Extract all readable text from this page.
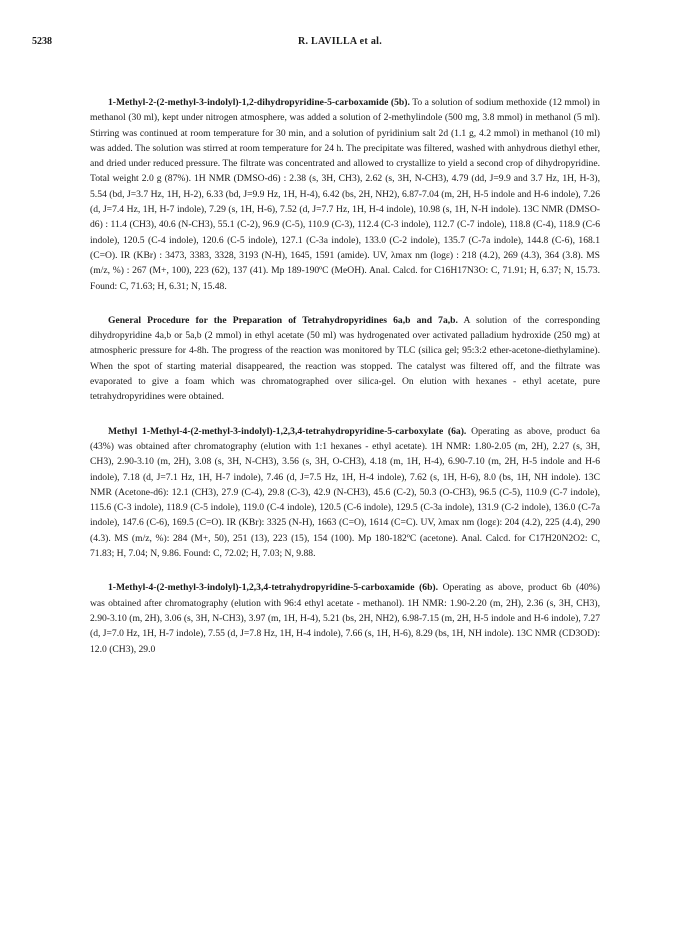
5238	R. LAVILLA et al.

1-Methyl-2-(2-methyl-3-indolyl)-1,2-dihydropyridine-5-carboxamide (5b). To a solution of sodium methoxide (12 mmol) in methanol (30 ml), kept under nitrogen atmosphere, was added a solution of 2-methylindole (500 mg, 3.8 mmol) in methanol (5 ml). Stirring was continued at room temperature for 30 min, and a solution of pyridinium salt 2d (1.1 g, 4.2 mmol) in methanol (10 ml) was added. The solution was stirred at room temperature for 24 h. The precipitate was filtered, washed with anhydrous diethyl ether, and dried under reduced pressure. The filtrate was concentrated and allowed to crystallize to yield a second crop of dihydropyridine. Total weight 2.0 g (87%). 1H NMR (DMSO-d6) : 2.38 (s, 3H, CH3), 2.62 (s, 3H, N-CH3), 4.79 (dd, J=9.9 and 3.7 Hz, 1H, H-3), 5.54 (bd, J=3.7 Hz, 1H, H-2), 6.33 (bd, J=9.9 Hz, 1H, H-4), 6.42 (bs, 2H, NH2), 6.87-7.04 (m, 2H, H-5 indole and H-6 indole), 7.26 (d, J=7.4 Hz, 1H, H-7 indole), 7.29 (s, 1H, H-6), 7.52 (d, J=7.7 Hz, 1H, H-4 indole), 10.98 (s, 1H, N-H indole). 13C NMR (DMSO-d6) : 11.4 (CH3), 40.6 (N-CH3), 55.1 (C-2), 96.9 (C-5), 110.9 (C-3), 112.4 (C-3 indole), 112.7 (C-7 indole), 118.8 (C-4), 118.9 (C-6 indole), 120.5 (C-4 indole), 120.6 (C-5 indole), 127.1 (C-3a indole), 133.0 (C-2 indole), 135.7 (C-7a indole), 144.8 (C-6), 168.1 (C=O). IR (KBr) : 3473, 3383, 3328, 3193 (N-H), 1645, 1591 (amide). UV, λmax nm (logε) : 218 (4.2), 269 (4.3), 364 (3.8). MS (m/z, %) : 267 (M+, 100), 223 (62), 137 (41). Mp 189-190ºC (MeOH). Anal. Calcd. for C16H17N3O: C, 71.91; H, 6.37; N, 15.73. Found: C, 71.63; H, 6.31; N, 15.48.

General Procedure for the Preparation of Tetrahydropyridines 6a,b and 7a,b. A solution of the corresponding dihydropyridine 4a,b or 5a,b (2 mmol) in ethyl acetate (50 ml) was hydrogenated over activated palladium hydroxide (250 mg) at atmospheric pressure for 4-8h. The progress of the reaction was monitored by TLC (silica gel; 95:3:2 ether-acetone-diethylamine). When the spot of starting material disappeared, the reaction was stopped. The catalyst was filtered off, and the filtrate was evaporated to give a foam which was chromatographed over silica-gel. On elution with hexanes - ethyl acetate, pure tetrahydropyridines were obtained.

Methyl 1-Methyl-4-(2-methyl-3-indolyl)-1,2,3,4-tetrahydropyridine-5-carboxylate (6a). Operating as above, product 6a (43%) was obtained after chromatography (elution with 1:1 hexanes - ethyl acetate). 1H NMR: 1.80-2.05 (m, 2H), 2.27 (s, 3H, CH3), 2.90-3.10 (m, 2H), 3.08 (s, 3H, N-CH3), 3.56 (s, 3H, O-CH3), 4.18 (m, 1H, H-4), 6.90-7.10 (m, 2H, H-5 indole and H-6 indole), 7.18 (d, J=7.1 Hz, 1H, H-7 indole), 7.46 (d, J=7.5 Hz, 1H, H-4 indole), 7.62 (s, 1H, H-6), 8.0 (bs, 1H, NH indole). 13C NMR (Acetone-d6): 12.1 (CH3), 27.9 (C-4), 29.8 (C-3), 42.9 (N-CH3), 45.6 (C-2), 50.3 (O-CH3), 96.5 (C-5), 110.9 (C-7 indole), 115.6 (C-3 indole), 118.9 (C-5 indole), 119.0 (C-4 indole), 120.5 (C-6 indole), 129.5 (C-3a indole), 131.9 (C-2 indole), 136.0 (C-7a indole), 147.6 (C-6), 169.5 (C=O). IR (KBr): 3325 (N-H), 1663 (C=O), 1614 (C=C). UV, λmax nm (logε): 204 (4.2), 225 (4.4), 290 (4.3). MS (m/z, %): 284 (M+, 50), 251 (13), 223 (15), 154 (100). Mp 180-182ºC (acetone). Anal. Calcd. for C17H20N2O2: C, 71.83; H, 7.04; N, 9.86. Found: C, 72.02; H, 7.03; N, 9.88.

1-Methyl-4-(2-methyl-3-indolyl)-1,2,3,4-tetrahydropyridine-5-carboxamide (6b). Operating as above, product 6b (40%) was obtained after chromatography (elution with 96:4 ethyl acetate - methanol). 1H NMR: 1.90-2.20 (m, 2H), 2.36 (s, 3H, CH3), 2.90-3.10 (m, 2H), 3.06 (s, 3H, N-CH3), 3.97 (m, 1H, H-4), 5.21 (bs, 2H, NH2), 6.98-7.15 (m, 2H, H-5 indole and H-6 indole), 7.27 (d, J=7.0 Hz, 1H, H-7 indole), 7.55 (d, J=7.8 Hz, 1H, H-4 indole), 7.66 (s, 1H, H-6), 8.29 (bs, 1H, NH indole). 13C NMR (CD3OD): 12.0 (CH3), 29.0
